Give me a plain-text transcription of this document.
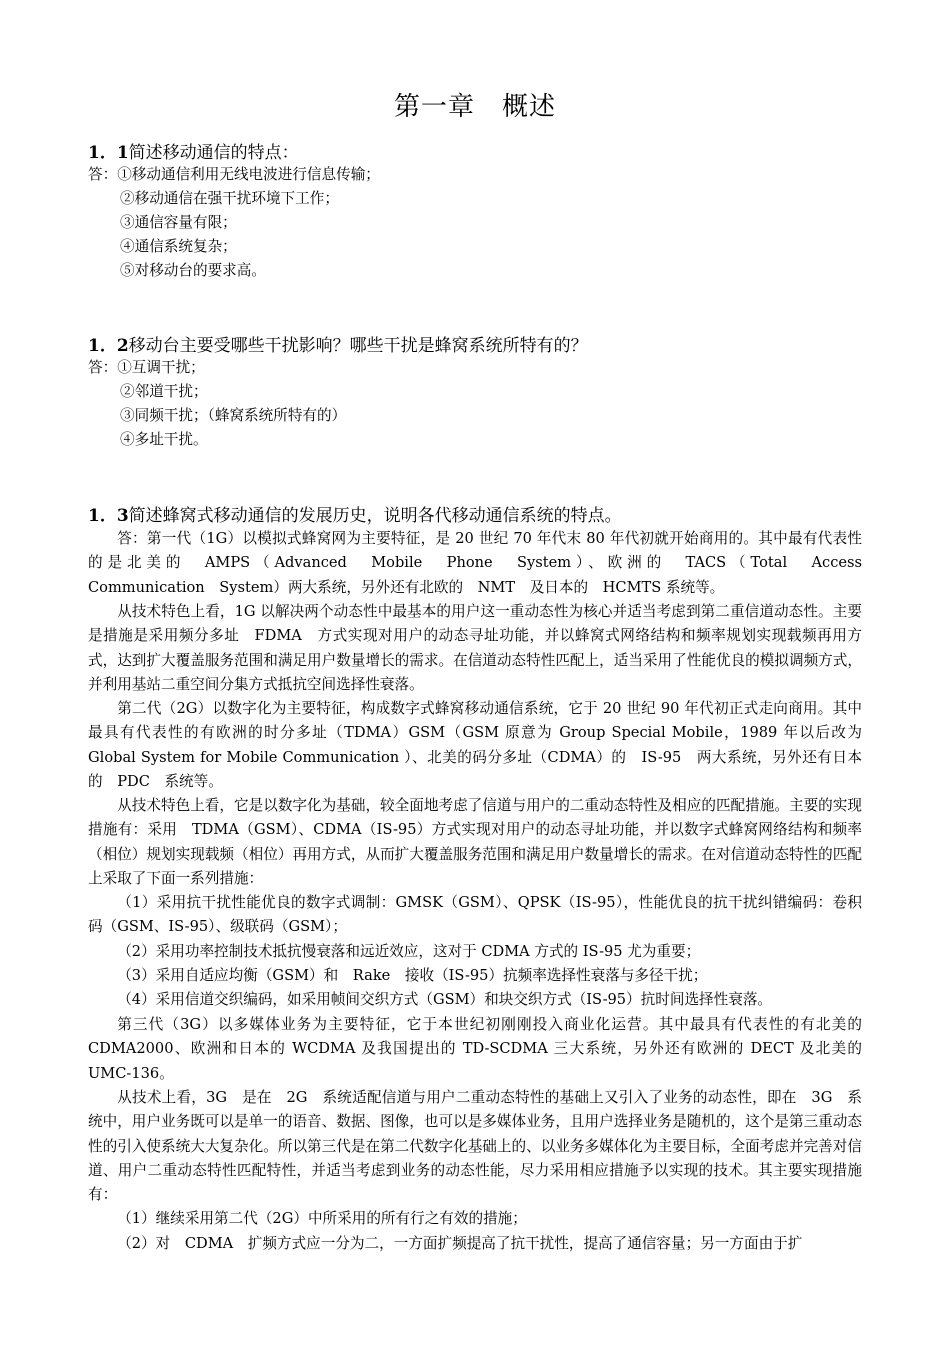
第一章　概述
1．1简述移动通信的特点：
答：①移动通信利用无线电波进行信息传输；
②移动通信在强干扰环境下工作；
③通信容量有限；
④通信系统复杂；
⑤对移动台的要求高。
1．2移动台主要受哪些干扰影响？哪些干扰是蜂窝系统所特有的？
答：①互调干扰；
②邻道干扰；
③同频干扰；（蜂窝系统所特有的）
④多址干扰。
1．3简述蜂窝式移动通信的发展历史，说明各代移动通信系统的特点。
答：第一代（1G）以模拟式蜂窝网为主要特征，是 20 世纪 70 年代末 80 年代初就开始商用的。其中最有代表性的是北美的　AMPS（Advanced　Mobile　Phone　System）、欧洲的　TACS（Total　Access　Communication　System）两大系统，另外还有北欧的　NMT　及日本的　HCMTS 系统等。
从技术特色上看，1G 以解决两个动态性中最基本的用户这一重动态性为核心并适当考虑到第二重信道动态性。主要是措施是采用频分多址　FDMA　方式实现对用户的动态寻址功能，并以蜂窝式网络结构和频率规划实现载频再用方式，达到扩大覆盖服务范围和满足用户数量增长的需求。在信道动态特性匹配上，适当采用了性能优良的模拟调频方式，并利用基站二重空间分集方式抵抗空间选择性衰落。
第二代（2G）以数字化为主要特征，构成数字式蜂窝移动通信系统，它于 20 世纪 90 年代初正式走向商用。其中最具有代表性的有欧洲的时分多址（TDMA）GSM（GSM 原意为 Group Special Mobile，1989 年以后改为 Global System for Mobile Communication ）、北美的码分多址（CDMA）的　IS-95　两大系统，另外还有日本的　PDC　系统等。
从技术特色上看，它是以数字化为基础，较全面地考虑了信道与用户的二重动态特性及相应的匹配措施。主要的实现措施有：采用　TDMA（GSM）、CDMA（IS-95）方式实现对用户的动态寻址功能，并以数字式蜂窝网络结构和频率（相位）规划实现载频（相位）再用方式，从而扩大覆盖服务范围和满足用户数量增长的需求。在对信道动态特性的匹配上采取了下面一系列措施：
（1）采用抗干扰性能优良的数字式调制：GMSK（GSM）、QPSK（IS-95），性能优良的抗干扰纠错编码：卷积码（GSM、IS-95）、级联码（GSM）；
（2）采用功率控制技术抵抗慢衰落和远近效应，这对于 CDMA 方式的 IS-95 尤为重要；
（3）采用自适应均衡（GSM）和　Rake　接收（IS-95）抗频率选择性衰落与多径干扰；
（4）采用信道交织编码，如采用帧间交织方式（GSM）和块交织方式（IS-95）抗时间选择性衰落。
第三代（3G）以多媒体业务为主要特征，它于本世纪初刚刚投入商业化运营。其中最具有代表性的有北美的 CDMA2000、欧洲和日本的 WCDMA 及我国提出的 TD-SCDMA 三大系统，另外还有欧洲的 DECT 及北美的 UMC-136。
从技术上看，3G　是在　2G　系统适配信道与用户二重动态特性的基础上又引入了业务的动态性，即在　3G　系统中，用户业务既可以是单一的语音、数据、图像，也可以是多媒体业务，且用户选择业务是随机的，这个是第三重动态性的引入使系统大大复杂化。所以第三代是在第二代数字化基础上的、以业务多媒体化为主要目标，全面考虑并完善对信道、用户二重动态特性匹配特性，并适当考虑到业务的动态性能，尽力采用相应措施予以实现的技术。其主要实现措施有：
（1）继续采用第二代（2G）中所采用的所有行之有效的措施；
（2）对　CDMA　扩频方式应一分为二，一方面扩频提高了抗干扰性，提高了通信容量；另一方面由于扩
